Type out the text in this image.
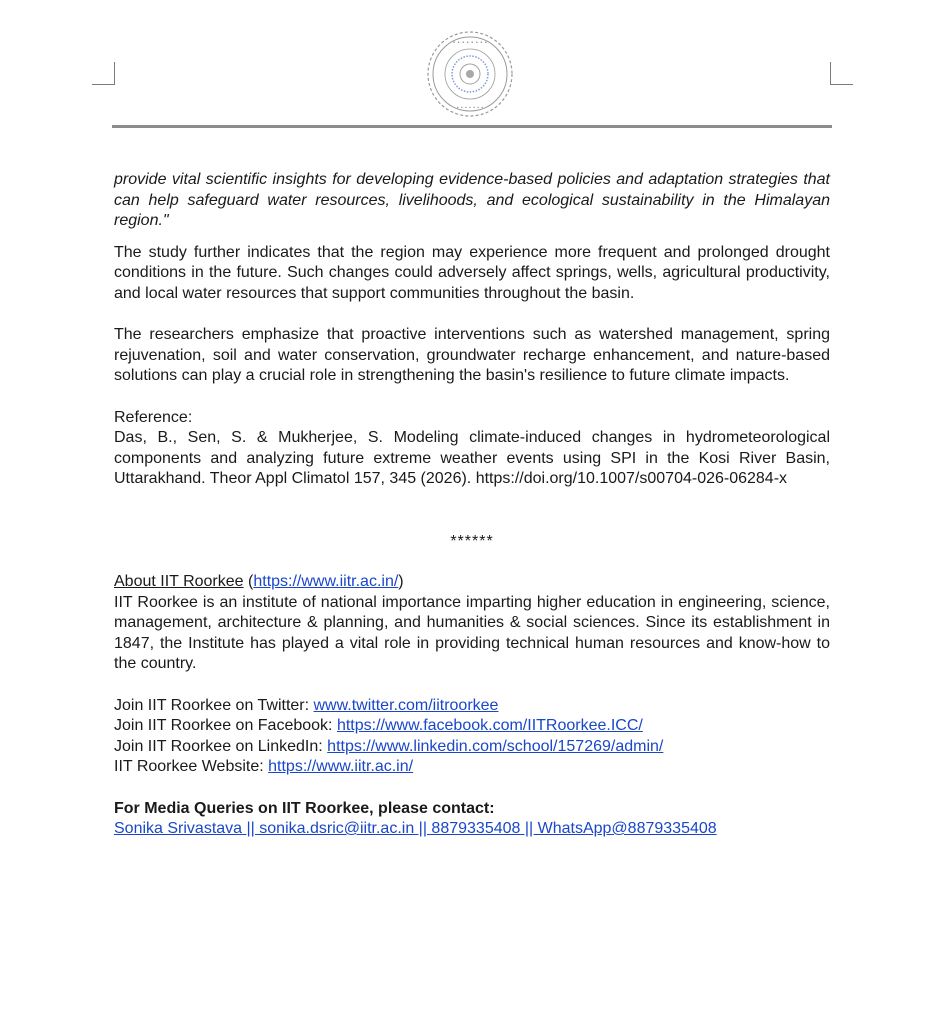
• • • • • • • •
• • • • • • •

provide vital scientific insights for developing evidence-based policies and adaptation strategies that can help safeguard water resources, livelihoods, and ecological sustainability in the Himalayan region."

The study further indicates that the region may experience more frequent and prolonged drought conditions in the future. Such changes could adversely affect springs, wells, agricultural productivity, and local water resources that support communities throughout the basin.

The researchers emphasize that proactive interventions such as watershed management, spring rejuvenation, soil and water conservation, groundwater recharge enhancement, and nature-based solutions can play a crucial role in strengthening the basin's resilience to future climate impacts.

Reference:

Das, B., Sen, S. & Mukherjee, S. Modeling climate-induced changes in hydrometeorological components and analyzing future extreme weather events using SPI in the Kosi River Basin, Uttarakhand. Theor Appl Climatol 157, 345 (2026). https://doi.org/10.1007/s00704-026-06284-x

******
About IIT Roorkee (https://www.iitr.ac.in/)

IIT Roorkee is an institute of national importance imparting higher education in engineering, science, management, architecture & planning, and humanities & social sciences. Since its establishment in 1847, the Institute has played a vital role in providing technical human resources and know-how to the country.

Join IIT Roorkee on Twitter: www.twitter.com/iitroorkee
Join IIT Roorkee on Facebook: https://www.facebook.com/IITRoorkee.ICC/
Join IIT Roorkee on LinkedIn: https://www.linkedin.com/school/157269/admin/
IIT Roorkee Website: https://www.iitr.ac.in/
For Media Queries on IIT Roorkee, please contact:
Sonika Srivastava || sonika.dsric@iitr.ac.in || 8879335408 || WhatsApp@8879335408
